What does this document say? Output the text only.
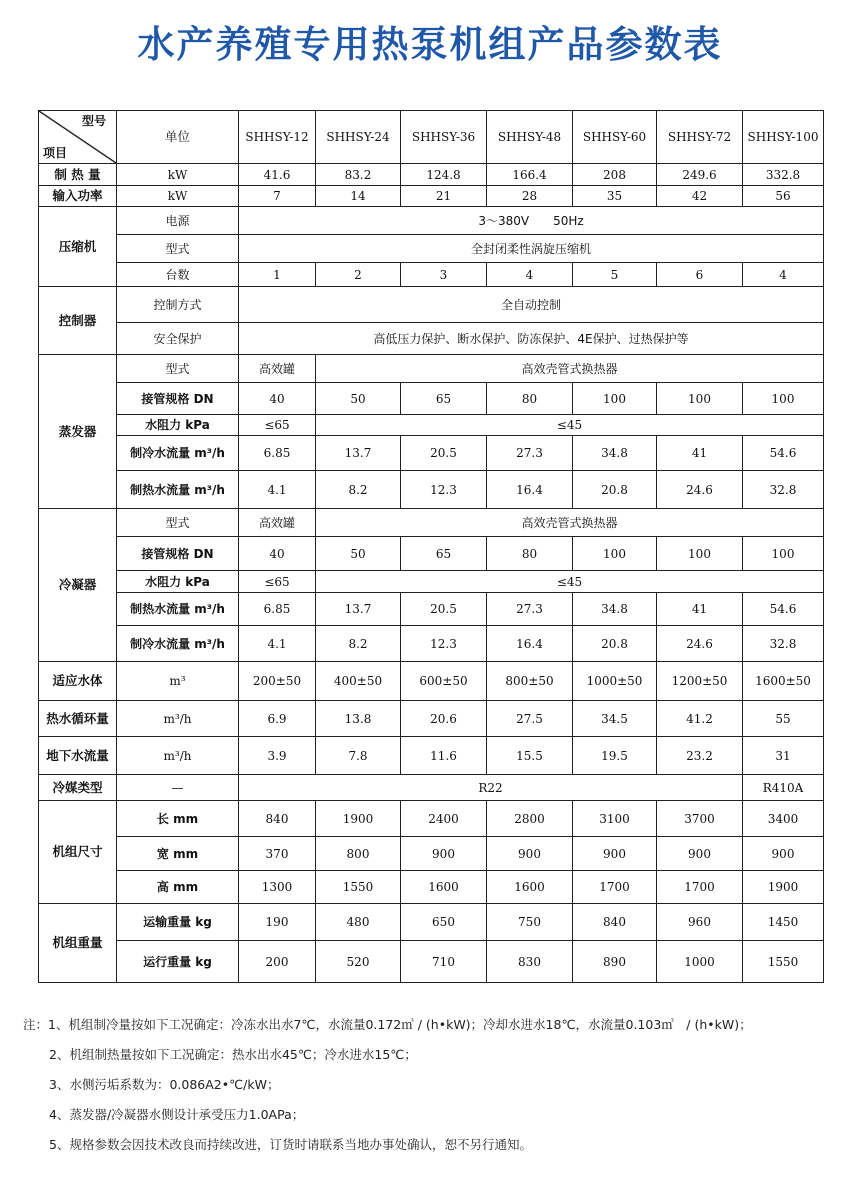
水产养殖专用热泵机组产品参数表
型号
项目	单位	SHHSY-12	SHHSY-24	SHHSY-36	SHHSY-48	SHHSY-60	SHHSY-72	SHHSY-100
制 热 量	kW	41.6	83.2	124.8	166.4	208	249.6	332.8
输入功率	kW	7	14	21	28	35	42	56
压缩机	电源	3～380V　　50Hz						
	型式	全封闭柔性涡旋压缩机						
	台数	1	2	3	4	5	6	4
控制器	控制方式	全自动控制						
	安全保护	高低压力保护、断水保护、防冻保护、4E保护、过热保护等						
蒸发器	型式	高效罐	高效壳管式换热器					
	接管规格 DN	40	50	65	80	100	100	100
	水阻力 kPa	≤65	≤45					
	制冷水流量 m³/h	6.85	13.7	20.5	27.3	34.8	41	54.6
	制热水流量 m³/h	4.1	8.2	12.3	16.4	20.8	24.6	32.8
冷凝器	型式	高效罐	高效壳管式换热器					
	接管规格 DN	40	50	65	80	100	100	100
	水阻力 kPa	≤65	≤45					
	制热水流量 m³/h	6.85	13.7	20.5	27.3	34.8	41	54.6
	制冷水流量 m³/h	4.1	8.2	12.3	16.4	20.8	24.6	32.8
适应水体	m³	200±50	400±50	600±50	800±50	1000±50	1200±50	1600±50
热水循环量	m³/h	6.9	13.8	20.6	27.5	34.5	41.2	55
地下水流量	m³/h	3.9	7.8	11.6	15.5	19.5	23.2	31
冷媒类型	—	R22						R410A
机组尺寸	长 mm	840	1900	2400	2800	3100	3700	3400
	宽 mm	370	800	900	900	900	900	900
	高 mm	1300	1550	1600	1600	1700	1700	1900
机组重量	运输重量 kg	190	480	650	750	840	960	1450
	运行重量 kg	200	520	710	830	890	1000	1550
注：1、机组制冷量按如下工况确定：冷冻水出水7℃，水流量0.172㎥ / (h•kW)；冷却水进水18℃，水流量0.103㎥　/ (h•kW)；
2、机组制热量按如下工况确定：热水出水45℃；冷水进水15℃；
3、水侧污垢系数为：0.086A2•℃/kW；
4、蒸发器/冷凝器水侧设计承受压力1.0APa；
5、规格参数会因技术改良而持续改进，订货时请联系当地办事处确认，恕不另行通知。
